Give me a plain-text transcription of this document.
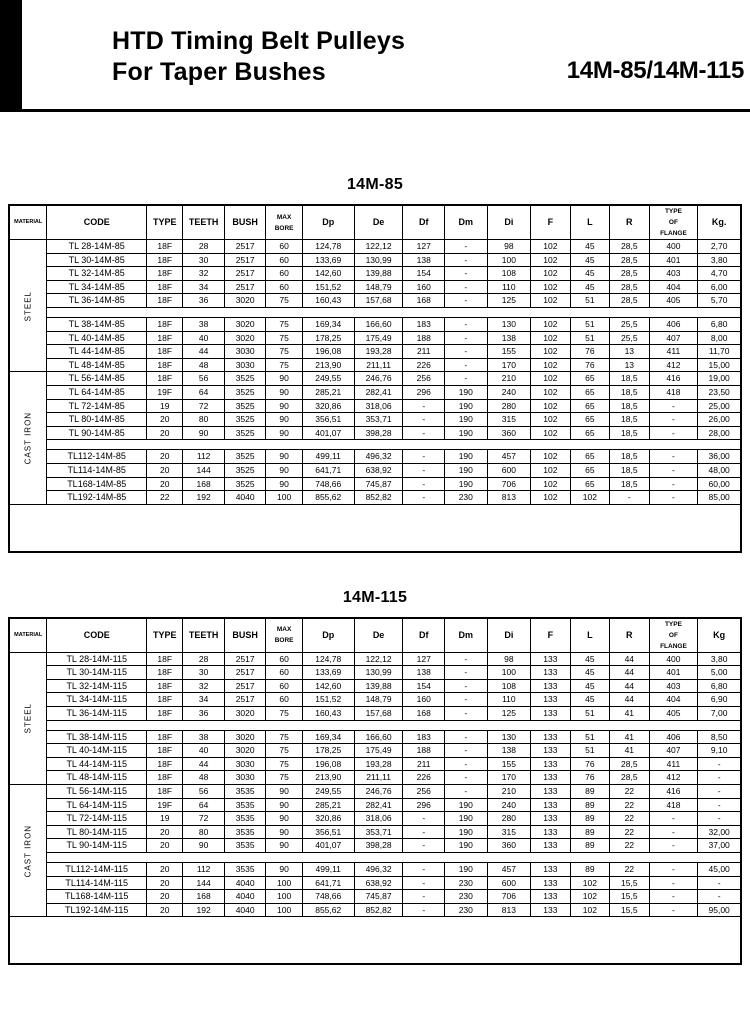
HTD Timing Belt Pulleys
For Taper Bushes	14M-85/14M-115
14M-85
MATERIAL	CODE	TYPE	TEETH	BUSH	MAX
BORE	Dp	De	Df	Dm	Di	F	L	R	TYPE
OF
FLANGE	Kg.
STEEL	TL 28-14M-85	18F	28	2517	60	124,78	122,12	127	-	98	102	45	28,5	400	2,70
	TL 30-14M-85	18F	30	2517	60	133,69	130,99	138	-	100	102	45	28,5	401	3,80
	TL 32-14M-85	18F	32	2517	60	142,60	139,88	154	-	108	102	45	28,5	403	4,70
	TL 34-14M-85	18F	34	2517	60	151,52	148,79	160	-	110	102	45	28,5	404	6,00
	TL 36-14M-85	18F	36	3020	75	160,43	157,68	168	-	125	102	51	28,5	405	5,70

	TL 38-14M-85	18F	38	3020	75	169,34	166,60	183	-	130	102	51	25,5	406	6,80
	TL 40-14M-85	18F	40	3020	75	178,25	175,49	188	-	138	102	51	25,5	407	8,00
	TL 44-14M-85	18F	44	3030	75	196,08	193,28	211	-	155	102	76	13	411	11,70
	TL 48-14M-85	18F	48	3030	75	213,90	211,11	226	-	170	102	76	13	412	15,00
CAST IRON	TL 56-14M-85	18F	56	3525	90	249,55	246,76	256	-	210	102	65	18,5	416	19,00
	TL 64-14M-85	19F	64	3525	90	285,21	282,41	296	190	240	102	65	18,5	418	23,50
	TL 72-14M-85	19	72	3525	90	320,86	318,06	-	190	280	102	65	18,5	-	25,00
	TL 80-14M-85	20	80	3525	90	356,51	353,71	-	190	315	102	65	18,5	-	26,00
	TL 90-14M-85	20	90	3525	90	401,07	398,28	-	190	360	102	65	18,5	-	28,00

	TL112-14M-85	20	112	3525	90	499,11	496,32	-	190	457	102	65	18,5	-	36,00
	TL114-14M-85	20	144	3525	90	641,71	638,92	-	190	600	102	65	18,5	-	48,00
	TL168-14M-85	20	168	3525	90	748,66	745,87	-	190	706	102	65	18,5	-	60,00
	TL192-14M-85	22	192	4040	100	855,62	852,82	-	230	813	102	102	-	-	85,00

14M-115
MATERIAL	CODE	TYPE	TEETH	BUSH	MAX
BORE	Dp	De	Df	Dm	Di	F	L	R	TYPE
OF
FLANGE	Kg
STEEL	TL 28-14M-115	18F	28	2517	60	124,78	122,12	127	-	98	133	45	44	400	3,80
	TL 30-14M-115	18F	30	2517	60	133,69	130,99	138	-	100	133	45	44	401	5,00
	TL 32-14M-115	18F	32	2517	60	142,60	139,88	154	-	108	133	45	44	403	6,80
	TL 34-14M-115	18F	34	2517	60	151,52	148,79	160	-	110	133	45	44	404	6,90
	TL 36-14M-115	18F	36	3020	75	160,43	157,68	168	-	125	133	51	41	405	7,00

	TL 38-14M-115	18F	38	3020	75	169,34	166,60	183	-	130	133	51	41	406	8,50
	TL 40-14M-115	18F	40	3020	75	178,25	175,49	188	-	138	133	51	41	407	9,10
	TL 44-14M-115	18F	44	3030	75	196,08	193,28	211	-	155	133	76	28,5	411	-
	TL 48-14M-115	18F	48	3030	75	213,90	211,11	226	-	170	133	76	28,5	412	-
CAST IRON	TL 56-14M-115	18F	56	3535	90	249,55	246,76	256	-	210	133	89	22	416	-
	TL 64-14M-115	19F	64	3535	90	285,21	282,41	296	190	240	133	89	22	418	-
	TL 72-14M-115	19	72	3535	90	320,86	318,06	-	190	280	133	89	22	-	-
	TL 80-14M-115	20	80	3535	90	356,51	353,71	-	190	315	133	89	22	-	32,00
	TL 90-14M-115	20	90	3535	90	401,07	398,28	-	190	360	133	89	22	-	37,00

	TL112-14M-115	20	112	3535	90	499,11	496,32	-	190	457	133	89	22	-	45,00
	TL114-14M-115	20	144	4040	100	641,71	638,92	-	230	600	133	102	15,5	-	-
	TL168-14M-115	20	168	4040	100	748,66	745,87	-	230	706	133	102	15,5	-	-
	TL192-14M-115	20	192	4040	100	855,62	852,82	-	230	813	133	102	15,5	-	95,00
